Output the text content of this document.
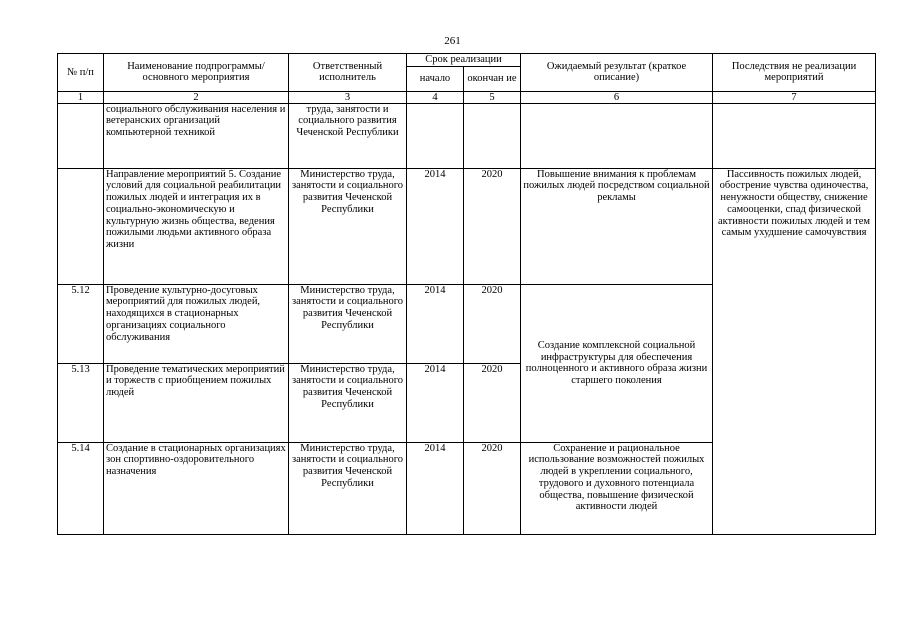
261
№ п/п	Наименование подпрограммы/ основного мероприятия	Ответственный исполнитель	Срок реализации		Ожидаемый результат (краткое описание)	Последствия не реализации мероприятий	
			начало	окончан ие			
1	2	3	4	5	6	7	
	социального обслуживания населения и ветеранских организаций компьютерной техникой	труда, занятости и социального развития Чеченской Республики					
	Направление мероприятий 5. Создание условий для социальной реабилитации пожилых людей и интеграция их в социально-экономическую и культурную жизнь общества, ведения пожилыми людьми активного образа жизни	Министерство труда, занятости и социального развития Чеченской Республики	2014	2020	Повышение внимания к проблемам пожилых людей посредством социальной рекламы	Пассивность пожилых людей, обострение чувства одиночества, ненужности обществу, снижение самооценки, спад физической активности пожилых людей и тем самым ухудшение самочувствия	
5.12	Проведение культурно-досуговых мероприятий для пожилых людей, находящихся в стационарных организациях социального обслуживания	Министерство труда, занятости и социального развития Чеченской Республики	2014	2020	Создание комплексной социальной инфраструктуры для обеспечения полноценного и активного образа жизни старшего поколения		
5.13	Проведение тематических мероприятий и торжеств с приобщением пожилых людей	Министерство труда, занятости и социального развития Чеченской Республики	2014	2020			
5.14	Создание в стационарных организациях зон спортивно-оздоровительного назначения	Министерство труда, занятости и социального развития Чеченской Республики	2014	2020	Сохранение и рациональное использование возможностей пожилых людей в укреплении социального, трудового и духовного потенциала общества, повышение физической активности людей		
